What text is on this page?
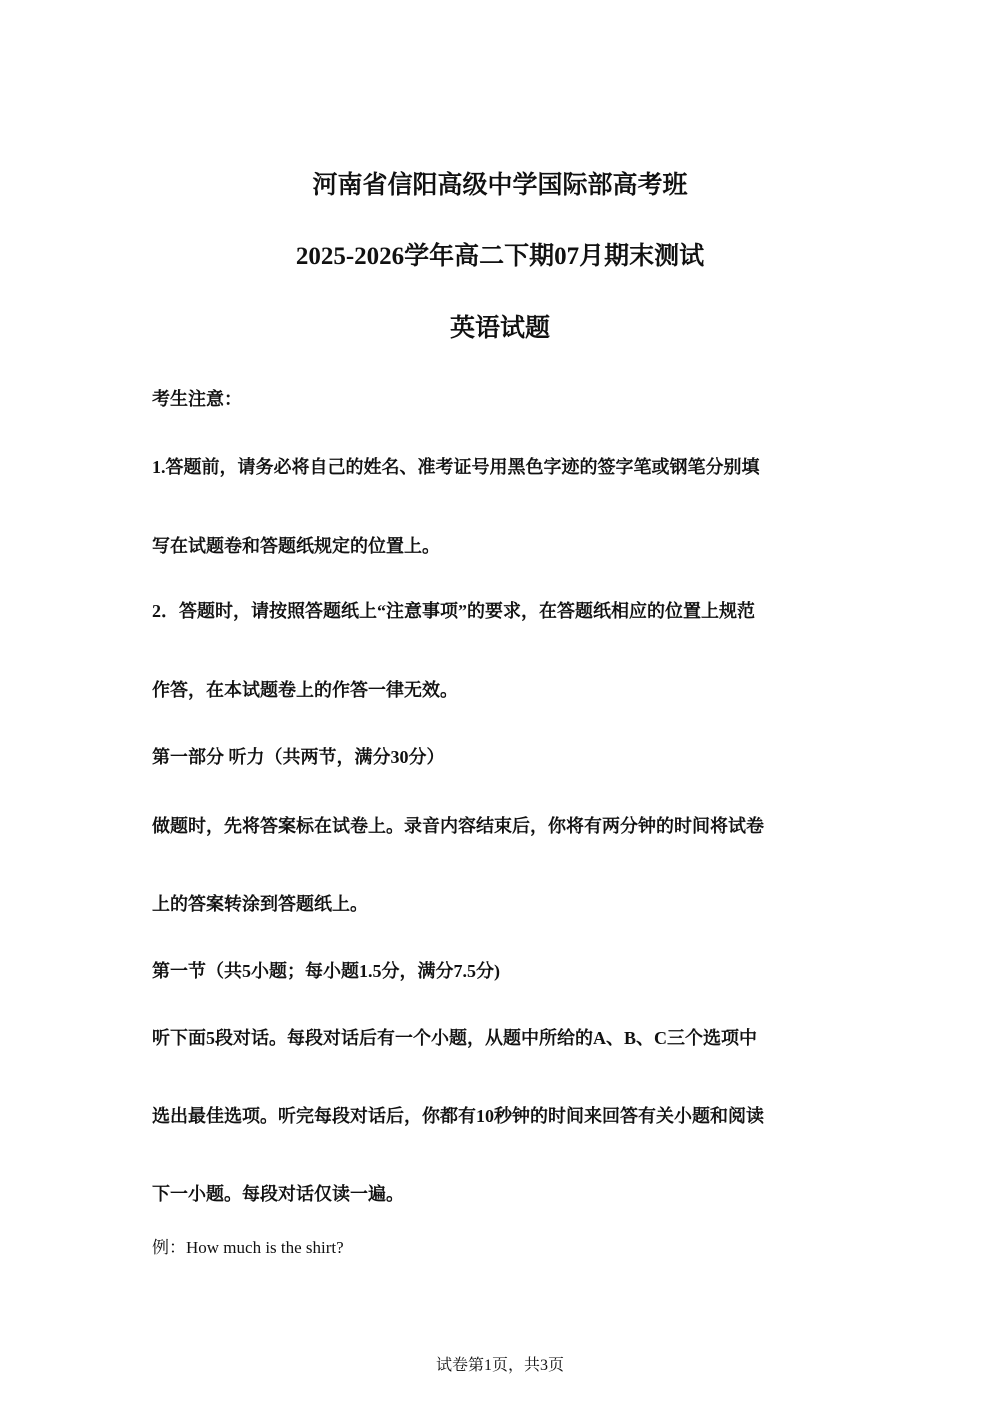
河南省信阳高级中学国际部高考班
2025-2026学年高二下期07月期末测试
英语试题

考生注意：

1.答题前，请务必将自己的姓名、准考证号用黑色字迹的签字笔或钢笔分别填

写在试题卷和答题纸规定的位置上。

2．答题时，请按照答题纸上“注意事项”的要求，在答题纸相应的位置上规范

作答，在本试题卷上的作答一律无效。

第一部分 听力（共两节，满分30分）

做题时，先将答案标在试卷上。录音内容结束后，你将有两分钟的时间将试卷

上的答案转涂到答题纸上。

第一节（共5小题；每小题1.5分，满分7.5分)

听下面5段对话。每段对话后有一个小题，从题中所给的A、B、C三个选项中

选出最佳选项。听完每段对话后，你都有10秒钟的时间来回答有关小题和阅读

下一小题。每段对话仅读一遍。

例：How much is the shirt?

试卷第1页，共3页
